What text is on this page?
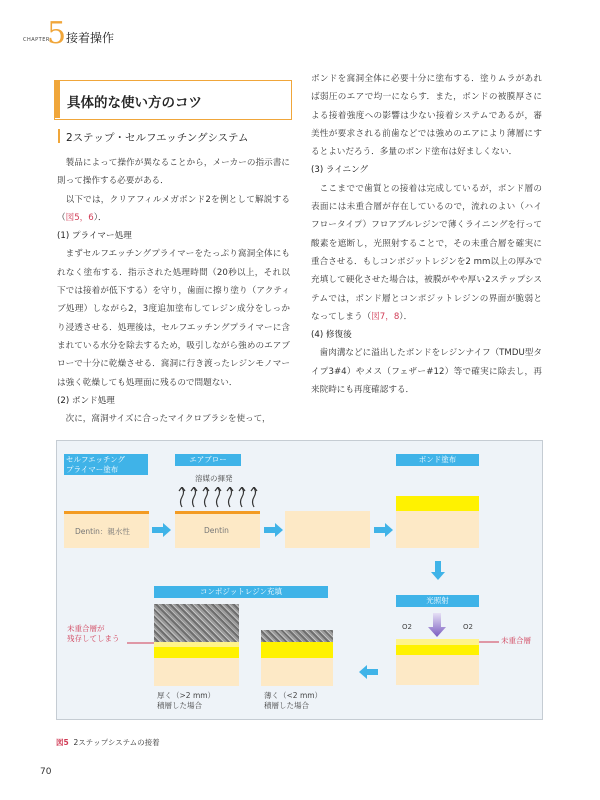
CHAPTER
5 接着操作
具体的な使い方のコツ
2ステップ・セルフエッチングシステム

製品によって操作が異なることから，メーカーの指示書に則って操作する必要がある．

以下では，クリアフィルメガボンド2を例として解説する（図5，6）．

(1) プライマー処理

まずセルフエッチングプライマーをたっぷり窩洞全体にもれなく塗布する．指示された処理時間（20秒以上，それ以下では接着が低下する）を守り，歯面に擦り塗り（アクティブ処理）しながら2，3度追加塗布してレジン成分をしっかり浸透させる．処理後は，セルフエッチングプライマーに含まれている水分を除去するため，吸引しながら強めのエアブローで十分に乾燥させる．窩洞に行き渡ったレジンモノマーは強く乾燥しても処理面に残るので問題ない．

(2) ボンド処理

次に，窩洞サイズに合ったマイクロブラシを使って，

ボンドを窩洞全体に必要十分に塗布する．塗りムラがあれば弱圧のエアで均一にならす．また，ボンドの被膜厚さによる接着強度への影響は少ない接着システムであるが，審美性が要求される前歯などでは強めのエアにより薄層にするとよいだろう．多量のボンド塗布は好ましくない．

(3) ライニング

ここまでで歯質との接着は完成しているが，ボンド層の表面には未重合層が存在しているので，流れのよい（ハイフロータイプ）フロアブルレジンで薄くライニングを行って酸素を遮断し，光照射することで，その未重合層を確実に重合させる．もしコンポジットレジンを2 mm以上の厚みで充填して硬化させた場合は，被膜がやや厚い2ステップシステムでは，ボンド層とコンポジットレジンの界面が脆弱となってしまう（図7，8）．

(4) 修復後

歯肉溝などに溢出したボンドをレジンナイフ（TMDU型タイプ3#4）やメス（フェザー#12）等で確実に除去し，再来院時にも再度確認する．

セルフエッチング
プライマー塗布
Dentin：親水性
エアブロー
溶媒の揮発
Dentin
ボンド塗布
光照射
O2	O2
未重合層
コンポジットレジン充填
未重合層が
残存してしまう
厚く（>2 mm）
積層した場合
薄く（<2 mm）
積層した場合
図5 2ステップシステムの接着
70
